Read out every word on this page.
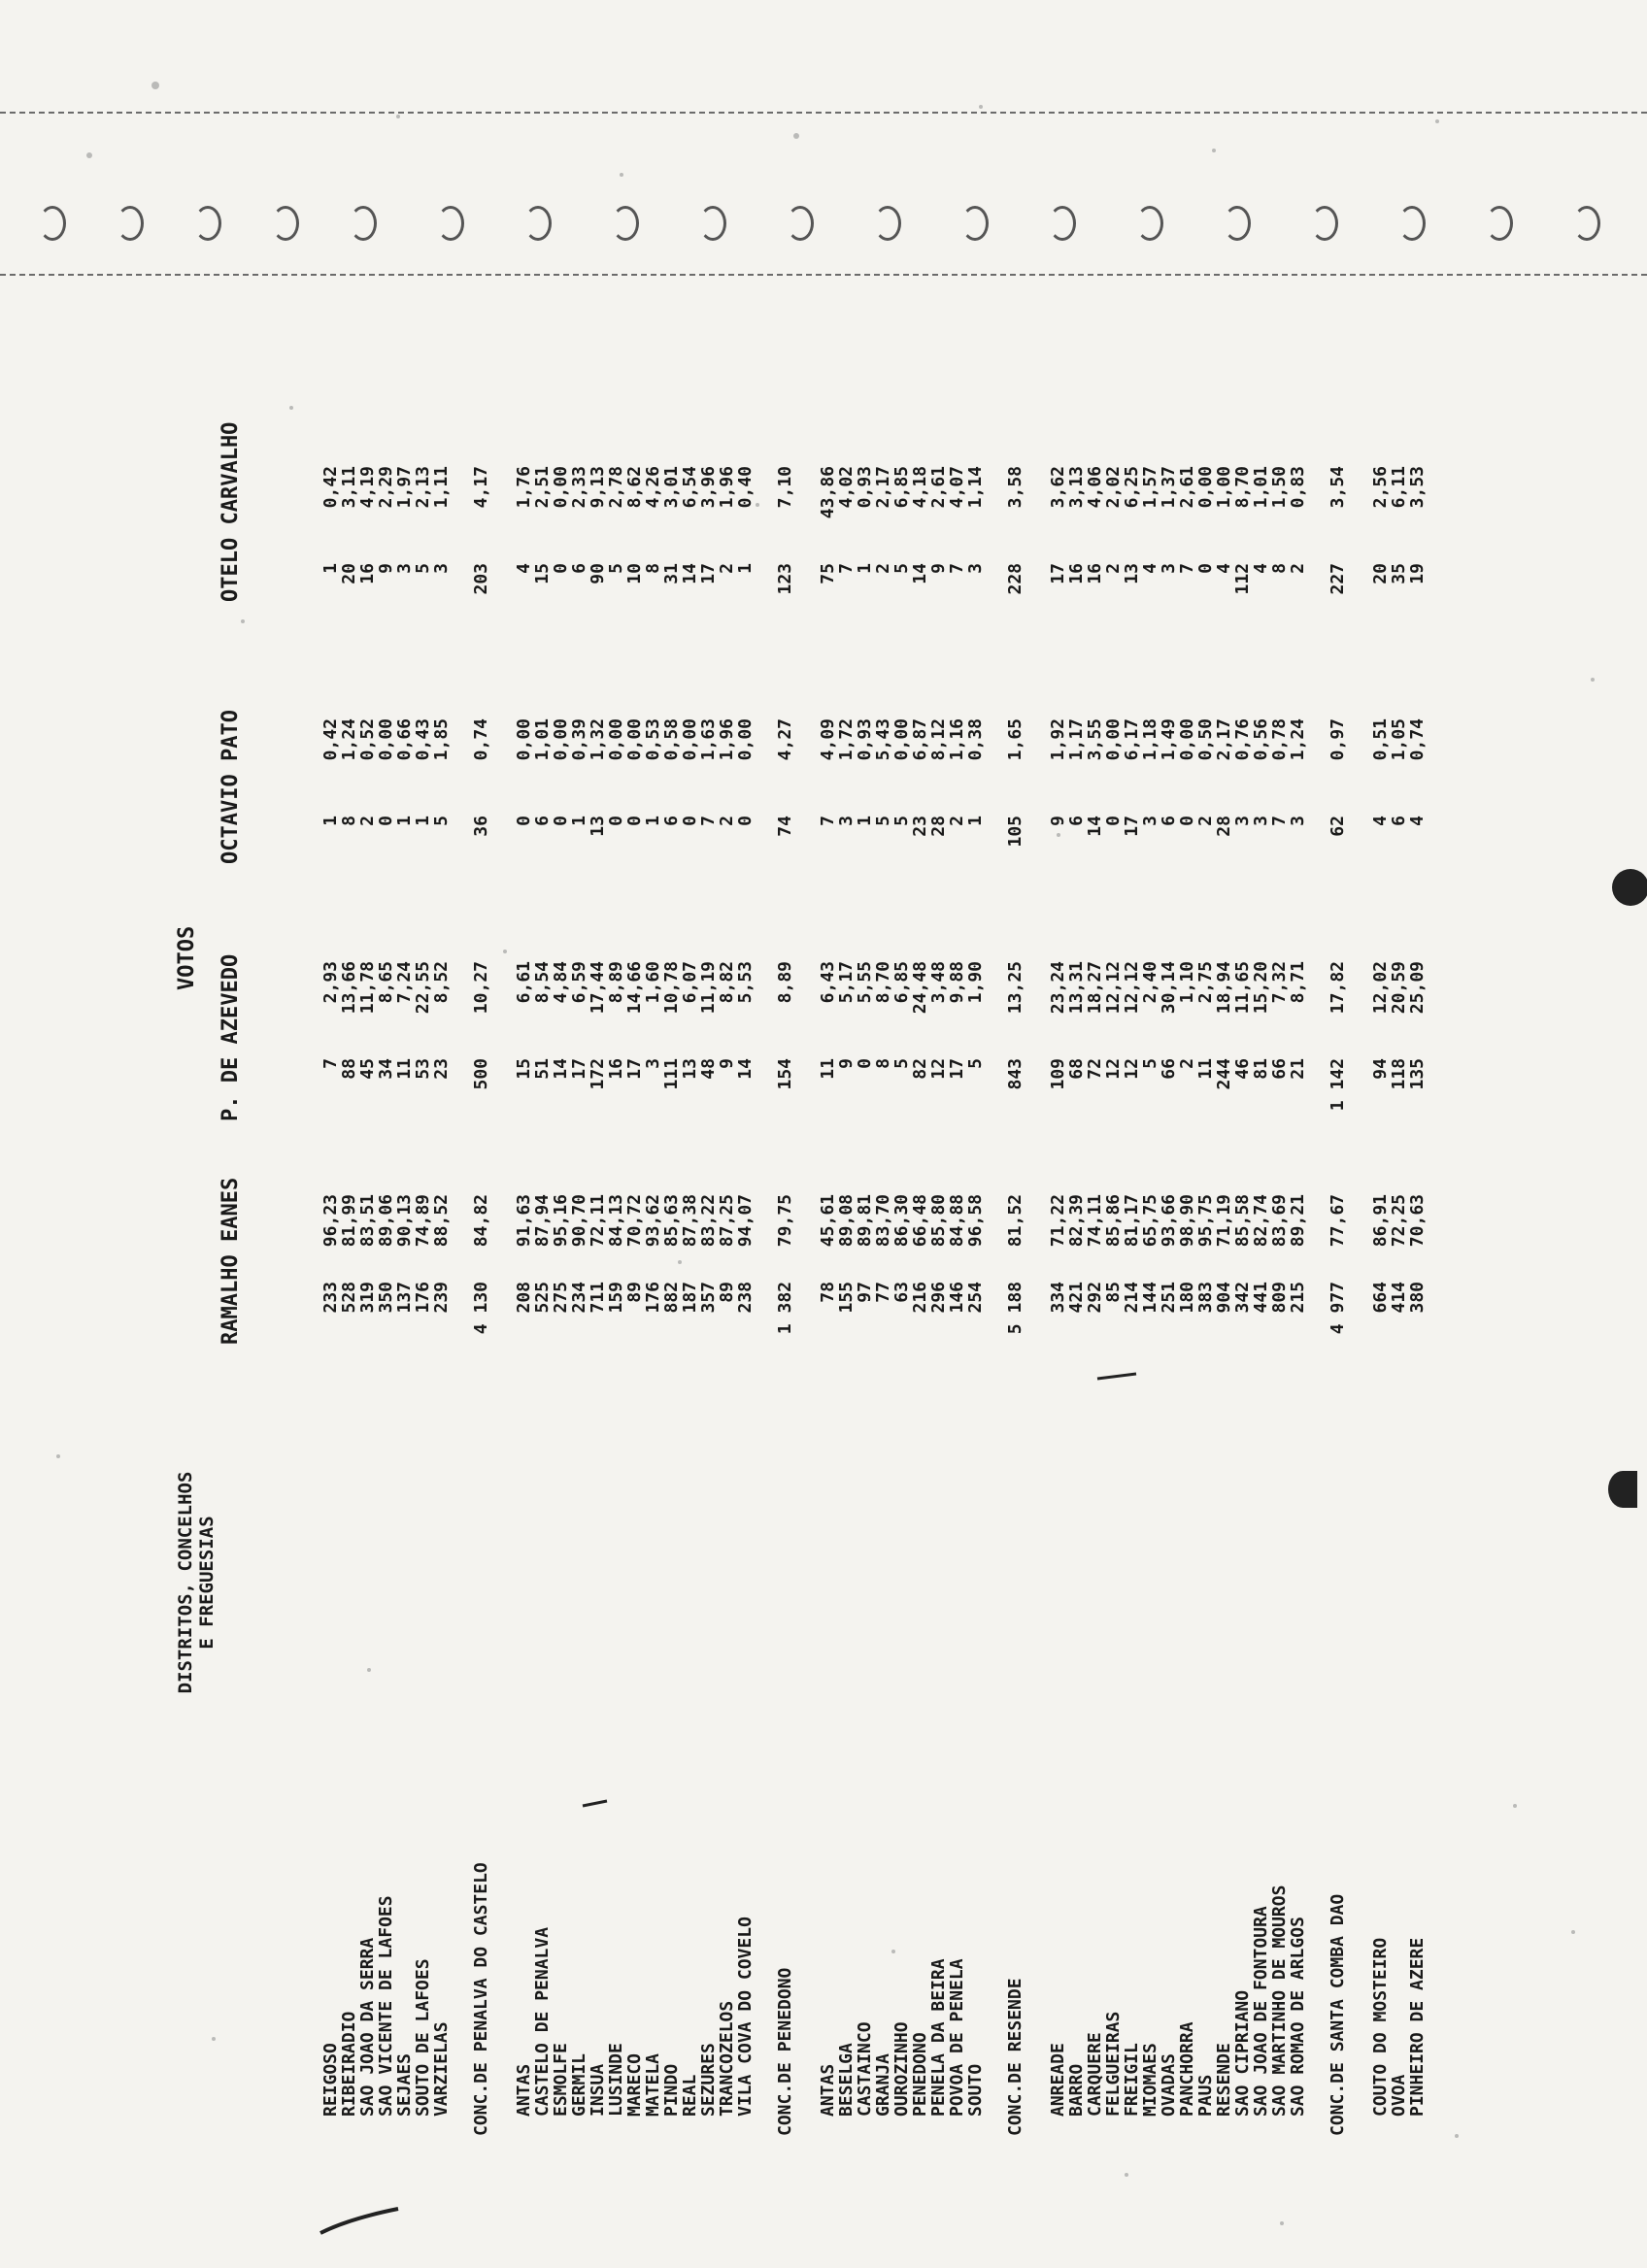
DISTRITOS, CONCELHOS E FREGUESIAS
VOTOS
RAMALHO EANES
P. DE AZEVEDO
OCTAVIO PATO
OTELO CARVALHO
REIGOSO
233
96,23
7
2,93
1
0,42
1
0,42
RIBEIRADIO
528
81,99
88
13,66
8
1,24
20
3,11
SAO JOAO DA SERRA
319
83,51
45
11,78
2
0,52
16
4,19
SAO VICENTE DE LAFOES
350
89,06
34
8,65
0
0,00
9
2,29
SEJAES
137
90,13
11
7,24
1
0,66
3
1,97
SOUTO DE LAFOES
176
74,89
53
22,55
1
0,43
5
2,13
VARZIELAS
239
88,52
23
8,52
5
1,85
3
1,11
CONC.DE PENALVA DO CASTELO
4 130
84,82
500
10,27
36
0,74
203
4,17
ANTAS
208
91,63
15
6,61
0
0,00
4
1,76
CASTELO DE PENALVA
525
87,94
51
8,54
6
1,01
15
2,51
ESMOLFE
275
95,16
14
4,84
0
0,00
0
0,00
GERMIL
234
90,70
17
6,59
1
0,39
6
2,33
INSUA
711
72,11
172
17,44
13
1,32
90
9,13
LUSINDE
159
84,13
16
8,89
0
0,00
5
2,78
MARECO
89
70,72
17
14,66
0
0,00
10
8,62
MATELA
176
93,62
3
1,60
1
0,53
8
4,26
PINDO
882
85,63
111
10,78
6
0,58
31
3,01
REAL
187
87,38
13
6,07
0
0,00
14
6,54
SEZURES
357
83,22
48
11,19
7
1,63
17
3,96
TRANCOZELOS
89
87,25
9
8,82
2
1,96
2
1,96
VILA COVA DO COVELO
238
94,07
14
5,53
0
0,00
1
0,40
CONC.DE PENEDONO
1 382
79,75
154
8,89
74
4,27
123
7,10
ANTAS
78
45,61
11
6,43
7
4,09
75
43,86
BESELGA
155
89,08
9
5,17
3
1,72
7
4,02
CASTAINCO
97
89,81
0
5,55
1
0,93
1
0,93
GRANJA
77
83,70
8
8,70
5
5,43
2
2,17
OUROZINHO
63
86,30
5
6,85
5
0,00
5
6,85
PENEDONO
216
66,48
82
24,48
23
6,87
14
4,18
PENELA DA BEIRA
296
85,80
12
3,48
28
8,12
9
2,61
POVOA DE PENELA
146
84,88
17
9,88
2
1,16
7
4,07
SOUTO
254
96,58
5
1,90
1
0,38
3
1,14
CONC.DE RESENDE
5 188
81,52
843
13,25
105
1,65
228
3,58
ANREADE
334
71,22
109
23,24
9
1,92
17
3,62
BARRO
421
82,39
68
13,31
6
1,17
16
3,13
CARQUERE
292
74,11
72
18,27
14
3,55
16
4,06
FELGUEIRAS
85
85,86
12
12,12
0
0,00
2
2,02
FREIGIL
214
81,17
12
12,12
17
6,17
13
6,25
MIOMAES
144
65,75
5
2,40
3
1,18
4
1,57
OVADAS
251
93,66
66
30,14
6
1,49
3
1,37
PANCHORRA
180
98,90
2
1,10
0
0,00
7
2,61
PAUS
383
95,75
11
2,75
2
0,50
0
0,00
RESENDE
904
71,19
244
18,94
28
2,17
4
1,00
SAO CIPRIANO
342
85,58
46
11,65
3
0,76
112
8,70
SAO JOAO DE FONTOURA
441
82,74
81
15,20
3
0,56
4
1,01
SAO MARTINHO DE MOUROS
809
83,69
66
7,32
7
0,78
8
1,50
SAO ROMAO DE ARLGOS
215
89,21
21
8,71
3
1,24
2
0,83
CONC.DE SANTA COMBA DAO
4 977
77,67
1 142
17,82
62
0,97
227
3,54
COUTO DO MOSTEIRO
664
86,91
94
12,02
4
0,51
20
2,56
OVOA
414
72,25
118
20,59
6
1,05
35
6,11
PINHEIRO DE AZERE
380
70,63
135
25,09
4
0,74
19
3,53
